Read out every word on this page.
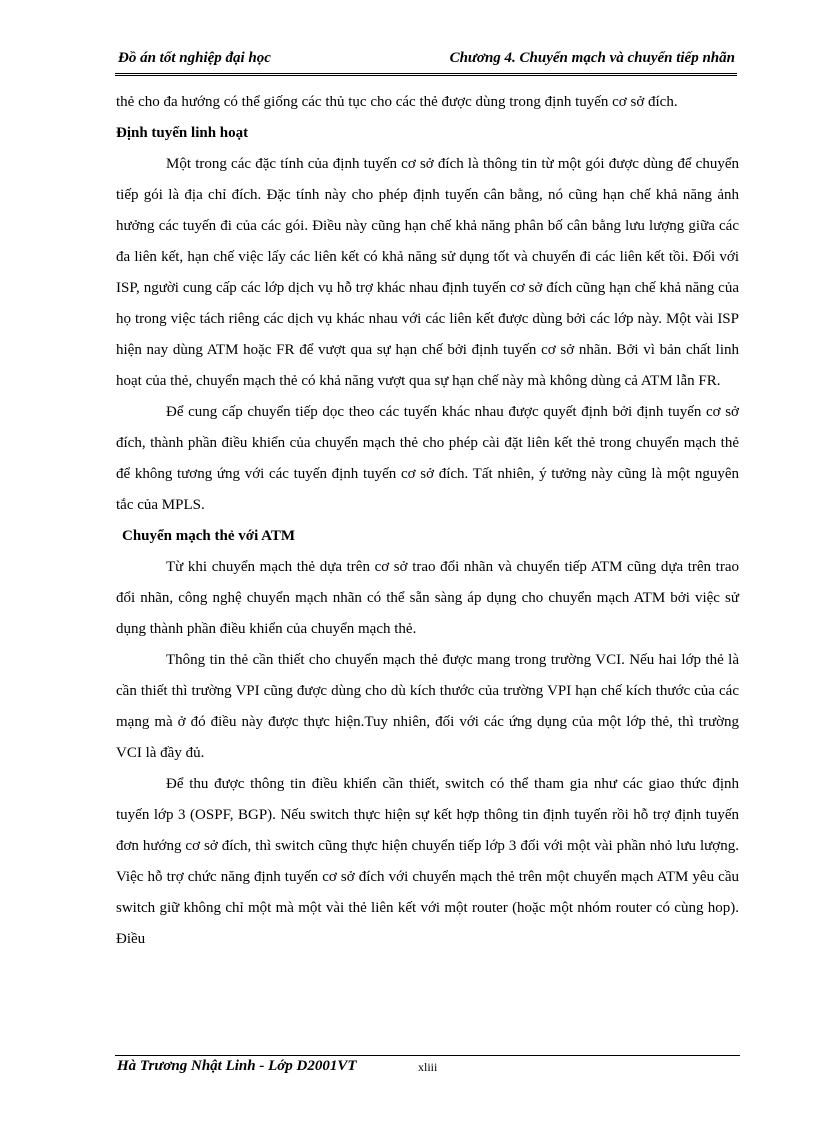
Đồ án tốt nghiệp đại học	Chương 4. Chuyển mạch và chuyển tiếp nhãn

thẻ cho đa hướng có thể giống các thủ tục cho các thẻ được dùng trong định tuyến cơ sở đích.

Định tuyến linh hoạt

Một trong các đặc tính của định tuyến cơ sở đích là thông tin từ một gói được dùng để chuyển tiếp gói là địa chỉ đích. Đặc tính này cho phép định tuyến cân bằng, nó cũng hạn chế khả năng ảnh hưởng các tuyến đi của các gói. Điều này cũng hạn chế khả năng phân bố cân bằng lưu lượng giữa các đa liên kết, hạn chế việc lấy các liên kết có khả năng sử dụng tốt và chuyển đi các liên kết tồi. Đối với ISP, người cung cấp các lớp dịch vụ hỗ trợ khác nhau định tuyến cơ sở đích cũng hạn chế khả năng của họ trong việc tách riêng các dịch vụ khác nhau với các liên kết được dùng bởi các lớp này. Một vài ISP hiện nay dùng ATM hoặc FR để vượt qua sự hạn chế bởi định tuyến cơ sở nhãn. Bởi vì bản chất linh hoạt của thẻ, chuyển mạch thẻ có khả năng vượt qua sự hạn chế này mà không dùng cả ATM lẫn FR.

Để cung cấp chuyển tiếp dọc theo các tuyến khác nhau được quyết định bởi định tuyến cơ sở đích, thành phần điều khiển của chuyển mạch thẻ cho phép cài đặt liên kết thẻ trong chuyển mạch thẻ để không tương ứng với các tuyến định tuyến cơ sở đích. Tất nhiên, ý tưởng này cũng là một nguyên tắc của MPLS.

Chuyển mạch thẻ với ATM

Từ khi chuyển mạch thẻ dựa trên cơ sở trao đổi nhãn và chuyển tiếp ATM cũng dựa trên trao đổi nhãn, công nghệ chuyển mạch nhãn có thể sẵn sàng áp dụng cho chuyển mạch ATM bởi việc sử dụng thành phần điều khiển của chuyển mạch thẻ.

Thông tin thẻ cần thiết cho chuyển mạch thẻ được mang trong trường VCI. Nếu hai lớp thẻ là cần thiết thì trường VPI cũng được dùng cho dù kích thước của trường VPI hạn chế kích thước của các mạng mà ở đó điều này được thực hiện.Tuy nhiên, đối với các ứng dụng của một lớp thẻ, thì trường VCI là đầy đủ.

Để thu được thông tin điều khiển cần thiết, switch có thể tham gia như các giao thức định tuyến lớp 3 (OSPF, BGP). Nếu switch thực hiện sự kết hợp thông tin định tuyến rồi hỗ trợ định tuyến đơn hướng cơ sở đích, thì switch cũng thực hiện chuyển tiếp lớp 3 đối với một vài phần nhỏ lưu lượng. Việc hỗ trợ chức năng định tuyến cơ sở đích với chuyển mạch thẻ trên một chuyển mạch ATM yêu cầu switch giữ không chỉ một mà một vài thẻ liên kết với một router (hoặc một nhóm router có cùng hop). Điều

Hà Trương Nhật Linh - Lớp D2001VT	xliii
